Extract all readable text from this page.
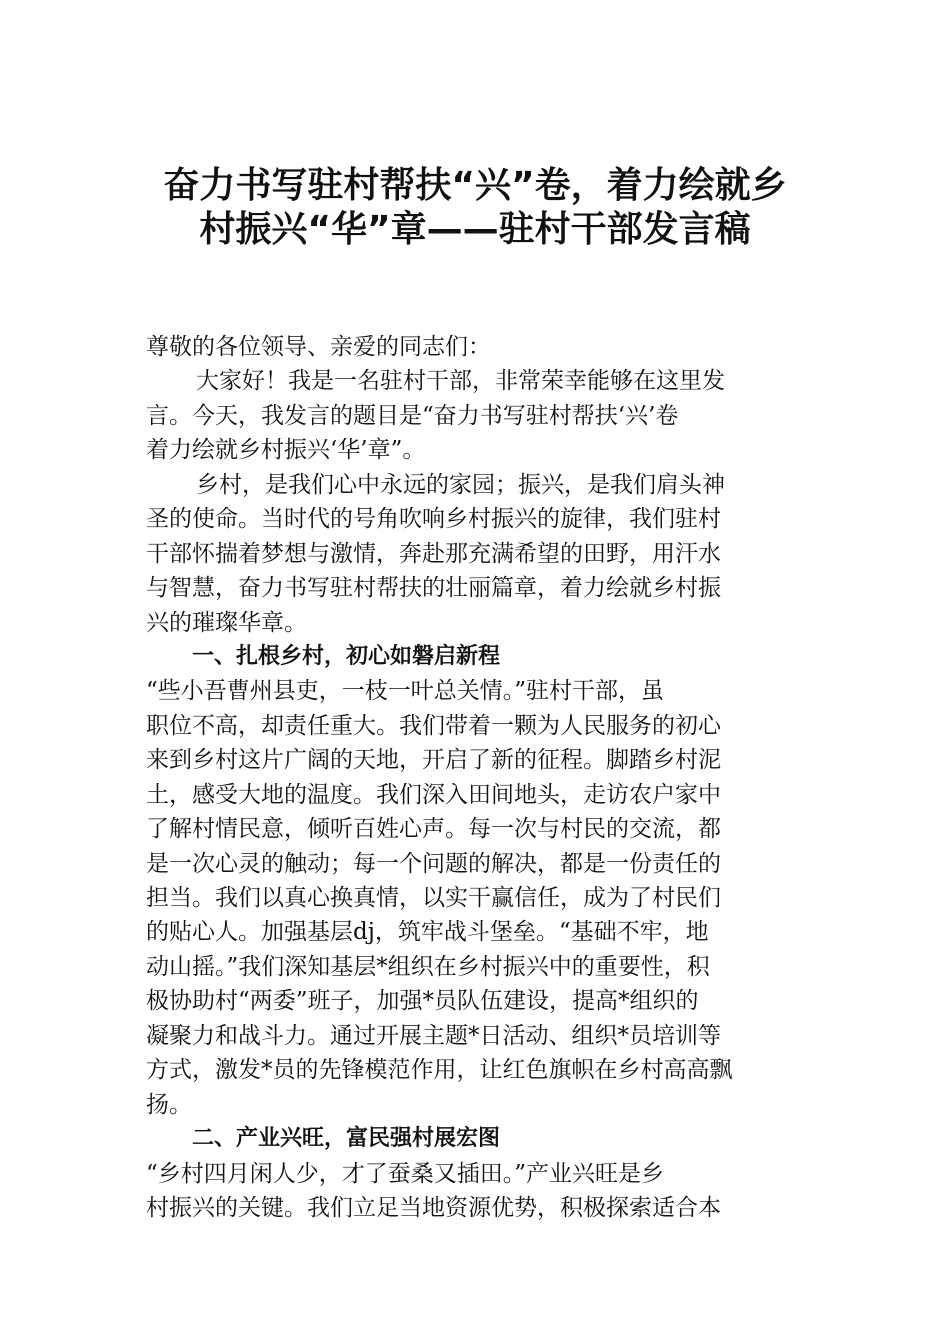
奋力书写驻村帮扶“兴”卷，着力绘就乡
村振兴“华”章——驻村干部发言稿

尊敬的各位领导、亲爱的同志们：

大家好！我是一名驻村干部，非常荣幸能够在这里发

言。今天，我发言的题目是“奋力书写驻村帮扶‘兴’卷

着力绘就乡村振兴‘华’章”。

乡村，是我们心中永远的家园；振兴，是我们肩头神

圣的使命。当时代的号角吹响乡村振兴的旋律，我们驻村

干部怀揣着梦想与激情，奔赴那充满希望的田野，用汗水

与智慧，奋力书写驻村帮扶的壮丽篇章，着力绘就乡村振

兴的璀璨华章。

一、扎根乡村，初心如磐启新程

“些小吾曹州县吏，一枝一叶总关情。”驻村干部，虽

职位不高，却责任重大。我们带着一颗为人民服务的初心

来到乡村这片广阔的天地，开启了新的征程。脚踏乡村泥

土，感受大地的温度。我们深入田间地头，走访农户家中

了解村情民意，倾听百姓心声。每一次与村民的交流，都

是一次心灵的触动；每一个问题的解决，都是一份责任的

担当。我们以真心换真情，以实干赢信任，成为了村民们

的贴心人。加强基层dj，筑牢战斗堡垒。“基础不牢，地

动山摇。”我们深知基层*组织在乡村振兴中的重要性，积

极协助村“两委”班子，加强*员队伍建设，提高*组织的

凝聚力和战斗力。通过开展主题*日活动、组织*员培训等

方式，激发*员的先锋模范作用，让红色旗帜在乡村高高飘

扬。

二、产业兴旺，富民强村展宏图

“乡村四月闲人少，才了蚕桑又插田。”产业兴旺是乡

村振兴的关键。我们立足当地资源优势，积极探索适合本
